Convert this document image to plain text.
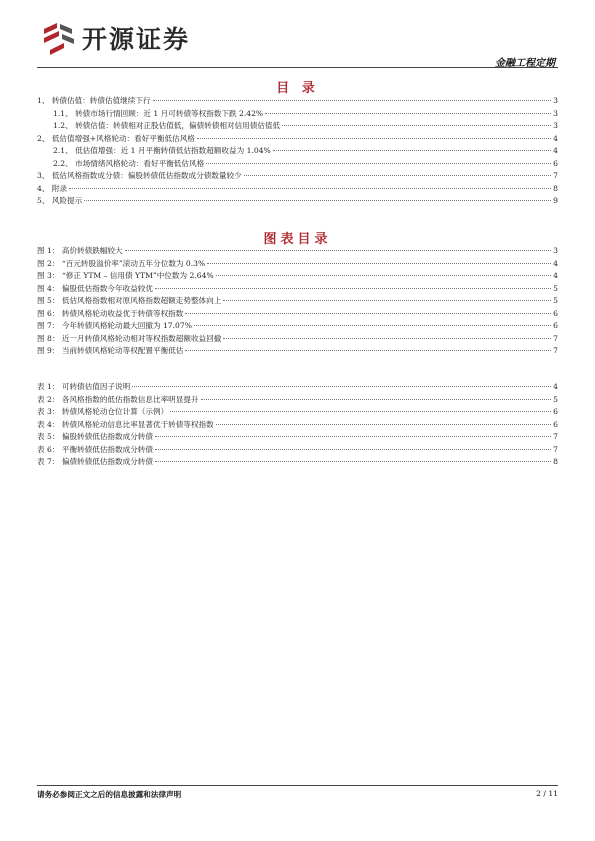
开源证券
金融工程定期
目 录
1、 转债估值：转债估值继续下行	3
1.1、 转债市场行情回顾：近 1 月可转债等权指数下跌 2.42%	3
1.2、 转债估值：转债相对正股估值低，偏债转债相对信用债估值低	3
2、 低估值增强+风格轮动：看好平衡低估风格	4
2.1、 低估值增强：近 1 月平衡转债低估指数超额收益为 1.04%	4
2.2、 市场情绪风格轮动：看好平衡低估风格	6
3、 低估风格指数成分债：偏股转债低估指数成分债数量较少	7
4、 附录	8
5、 风险提示	9
图表目录
图 1： 高价转债跌幅较大	3
图 2： “百元转股溢价率”滚动五年分位数为 0.3%	4
图 3： “修正 YTM – 信用债 YTM”中位数为 2.64%	4
图 4： 偏股低估指数今年收益较优	5
图 5： 低估风格指数相对原风格指数超额走势整体向上	5
图 6： 转债风格轮动收益优于转债等权指数	6
图 7： 今年转债风格轮动最大回撤为 17.07%	6
图 8： 近一月转债风格轮动相对等权指数超额收益回撤	7
图 9： 当前转债风格轮动等权配置平衡低估	7
表 1： 可转债估值因子说明	4
表 2： 各风格指数的低估指数信息比率明显提升	5
表 3： 转债风格轮动仓位计算（示例）	6
表 4： 转债风格轮动信息比率显著优于转债等权指数	6
表 5： 偏股转债低估指数成分转债	7
表 6： 平衡转债低估指数成分转债	7
表 7： 偏债转债低估指数成分转债	8
请务必参阅正文之后的信息披露和法律声明	2 / 11
